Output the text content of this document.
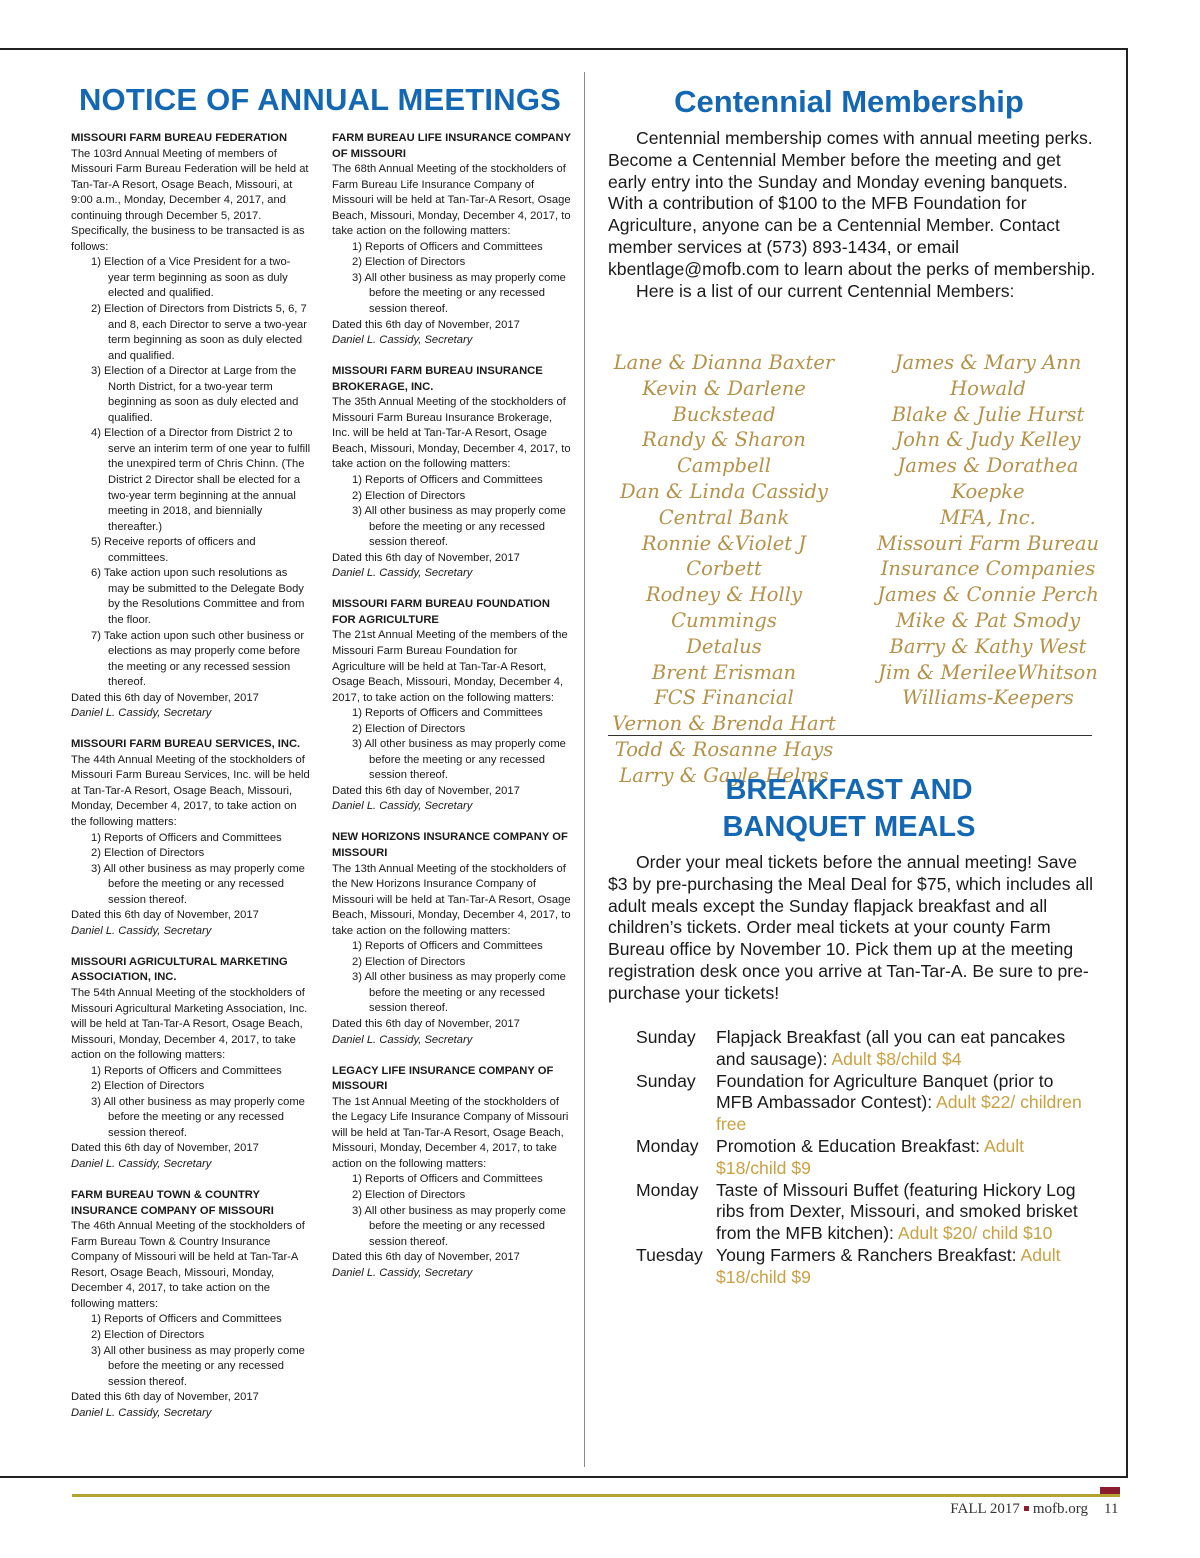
NOTICE OF ANNUAL MEETINGS
MISSOURI FARM BUREAU FEDERATION
The 103rd Annual Meeting of members of Missouri Farm Bureau Federation will be held at Tan-Tar-A Resort, Osage Beach, Missouri, at 9:00 a.m., Monday, December 4, 2017, and continuing through December 5, 2017. Specifically, the business to be transacted is as follows:
1) Election of a Vice President for a two-year term beginning as soon as duly elected and qualified.
2) Election of Directors from Districts 5, 6, 7 and 8, each Director to serve a two-year term beginning as soon as duly elected and qualified.
3) Election of a Director at Large from the North District, for a two-year term beginning as soon as duly elected and qualified.
4) Election of a Director from District 2 to serve an interim term of one year to fulfill the unexpired term of Chris Chinn. (The District 2 Director shall be elected for a two-year term beginning at the annual meeting in 2018, and biennially thereafter.)
5) Receive reports of officers and committees.
6) Take action upon such resolutions as may be submitted to the Delegate Body by the Resolutions Committee and from the floor.
7) Take action upon such other business or elections as may properly come before the meeting or any recessed session thereof.
Dated this 6th day of November, 2017
Daniel L. Cassidy, Secretary
MISSOURI FARM BUREAU SERVICES, INC.
The 44th Annual Meeting of the stockholders of Missouri Farm Bureau Services, Inc. will be held at Tan-Tar-A Resort, Osage Beach, Missouri, Monday, December 4, 2017, to take action on the following matters:
1) Reports of Officers and Committees
2) Election of Directors
3) All other business as may properly come before the meeting or any recessed session thereof.
Dated this 6th day of November, 2017
Daniel L. Cassidy, Secretary
MISSOURI AGRICULTURAL MARKETING ASSOCIATION, INC.
The 54th Annual Meeting of the stockholders of Missouri Agricultural Marketing Association, Inc. will be held at Tan-Tar-A Resort, Osage Beach, Missouri, Monday, December 4, 2017, to take action on the following matters:
1) Reports of Officers and Committees
2) Election of Directors
3) All other business as may properly come before the meeting or any recessed session thereof.
Dated this 6th day of November, 2017
Daniel L. Cassidy, Secretary
FARM BUREAU TOWN & COUNTRY INSURANCE COMPANY OF MISSOURI
The 46th Annual Meeting of the stockholders of Farm Bureau Town & Country Insurance Company of Missouri will be held at Tan-Tar-A Resort, Osage Beach, Missouri, Monday, December 4, 2017, to take action on the following matters:
1) Reports of Officers and Committees
2) Election of Directors
3) All other business as may properly come before the meeting or any recessed session thereof.
Dated this 6th day of November, 2017
Daniel L. Cassidy, Secretary
FARM BUREAU LIFE INSURANCE COMPANY OF MISSOURI
The 68th Annual Meeting of the stockholders of Farm Bureau Life Insurance Company of Missouri will be held at Tan-Tar-A Resort, Osage Beach, Missouri, Monday, December 4, 2017, to take action on the following matters:
1) Reports of Officers and Committees
2) Election of Directors
3) All other business as may properly come before the meeting or any recessed session thereof.
Dated this 6th day of November, 2017
Daniel L. Cassidy, Secretary
MISSOURI FARM BUREAU INSURANCE BROKERAGE, INC.
The 35th Annual Meeting of the stockholders of Missouri Farm Bureau Insurance Brokerage, Inc. will be held at Tan-Tar-A Resort, Osage Beach, Missouri, Monday, December 4, 2017, to take action on the following matters:
1) Reports of Officers and Committees
2) Election of Directors
3) All other business as may properly come before the meeting or any recessed session thereof.
Dated this 6th day of November, 2017
Daniel L. Cassidy, Secretary
MISSOURI FARM BUREAU FOUNDATION FOR AGRICULTURE
The 21st Annual Meeting of the members of the Missouri Farm Bureau Foundation for Agriculture will be held at Tan-Tar-A Resort, Osage Beach, Missouri, Monday, December 4, 2017, to take action on the following matters:
1) Reports of Officers and Committees
2) Election of Directors
3) All other business as may properly come before the meeting or any recessed session thereof.
Dated this 6th day of November, 2017
Daniel L. Cassidy, Secretary
NEW HORIZONS INSURANCE COMPANY OF MISSOURI
The 13th Annual Meeting of the stockholders of the New Horizons Insurance Company of Missouri will be held at Tan-Tar-A Resort, Osage Beach, Missouri, Monday, December 4, 2017, to take action on the following matters:
1) Reports of Officers and Committees
2) Election of Directors
3) All other business as may properly come before the meeting or any recessed session thereof.
Dated this 6th day of November, 2017
Daniel L. Cassidy, Secretary
LEGACY LIFE INSURANCE COMPANY OF MISSOURI
The 1st Annual Meeting of the stockholders of the Legacy Life Insurance Company of Missouri will be held at Tan-Tar-A Resort, Osage Beach, Missouri, Monday, December 4, 2017, to take action on the following matters:
1) Reports of Officers and Committees
2) Election of Directors
3) All other business as may properly come before the meeting or any recessed session thereof.
Dated this 6th day of November, 2017
Daniel L. Cassidy, Secretary
Centennial Membership

Centennial membership comes with annual meeting perks. Become a Centennial Member before the meeting and get early entry into the Sunday and Monday evening banquets. With a contribution of $100 to the MFB Foundation for Agriculture, anyone can be a Centennial Member. Contact member services at (573) 893-1434, or email kbentlage@mofb.com to learn about the perks of membership.

Here is a list of our current Centennial Members:

Lane & Dianna Baxter
Kevin & Darlene Buckstead
Randy & Sharon Campbell
Dan & Linda Cassidy
Central Bank
Ronnie &Violet J Corbett
Rodney & Holly Cummings
Detalus
Brent Erisman
FCS Financial
Vernon & Brenda Hart
Todd & Rosanne Hays
Larry & Gayle Helms
James & Mary Ann Howald
Blake & Julie Hurst
John & Judy Kelley
James & Dorathea Koepke
MFA, Inc.
Missouri Farm Bureau Insurance Companies
James & Connie Perch
Mike & Pat Smody
Barry & Kathy West
Jim & MerileeWhitson
Williams-Keepers
BREAKFAST AND
BANQUET MEALS

Order your meal tickets before the annual meeting! Save $3 by pre-purchasing the Meal Deal for $75, which includes all adult meals except the Sunday flapjack breakfast and all children’s tickets. Order meal tickets at your county Farm Bureau office by November 10. Pick them up at the meeting registration desk once you arrive at Tan-Tar-A. Be sure to pre-purchase your tickets!

Sunday	Flapjack Breakfast (all you can eat pancakes and sausage): Adult $8/child $4
Sunday	Foundation for Agriculture Banquet (prior to MFB Ambassador Contest): Adult $22/ children free
Monday Promotion & Education Breakfast: Adult $18/child $9
Monday Taste of Missouri Buffet (featuring Hickory Log ribs from Dexter, Missouri, and smoked brisket from the MFB kitchen): Adult $20/ child $10
Tuesday Young Farmers & Ranchers Breakfast: Adult $18/child $9
FALL 2017 mofb.org 11
